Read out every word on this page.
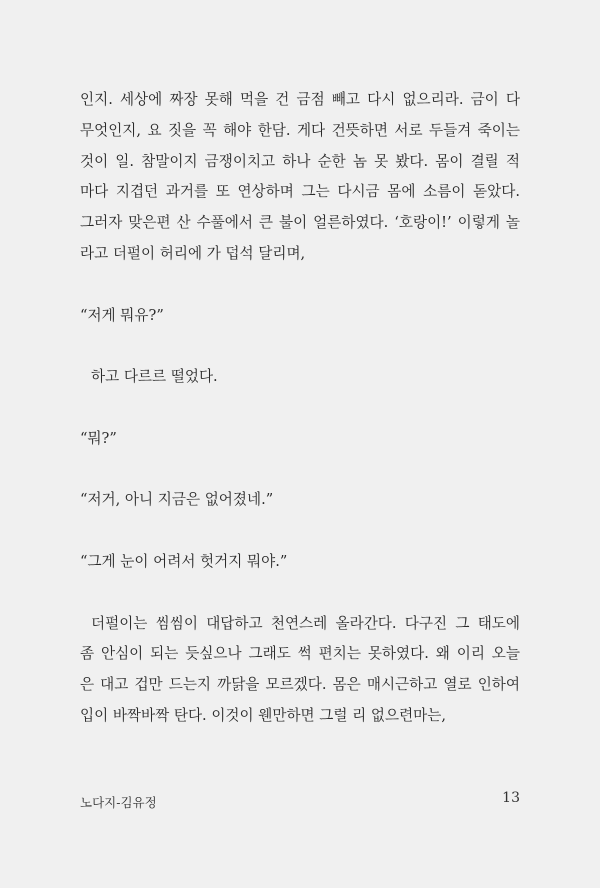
인지. 세상에 짜장 못해 먹을 건 금점 빼고 다시 없으리라. 금이 다

무엇인지, 요 짓을 꼭 해야 한담. 게다 건뜻하면 서로 두들겨 죽이는

것이 일. 참말이지 금쟁이치고 하나 순한 놈 못 봤다. 몸이 결릴 적

마다 지겹던 과거를 또 연상하며 그는 다시금 몸에 소름이 돋았다.

그러자 맞은편 산 수풀에서 큰 불이 얼른하였다. ‘호랑이!’ 이렇게 놀

라고 더펄이 허리에 가 덥석 달리며,

“저게 뭐유?”

하고 다르르 떨었다.

“뭐?”

“저거, 아니 지금은 없어졌네.”

“그게 눈이 어려서 헛거지 뭐야.”

더펄이는 씸씸이 대답하고 천연스레 올라간다. 다구진 그 태도에

좀 안심이 되는 듯싶으나 그래도 썩 편치는 못하였다. 왜 이리 오늘

은 대고 겁만 드는지 까닭을 모르겠다. 몸은 매시근하고 열로 인하여

입이 바짝바짝 탄다. 이것이 웬만하면 그럴 리 없으련마는,

노다지-김유정	13
